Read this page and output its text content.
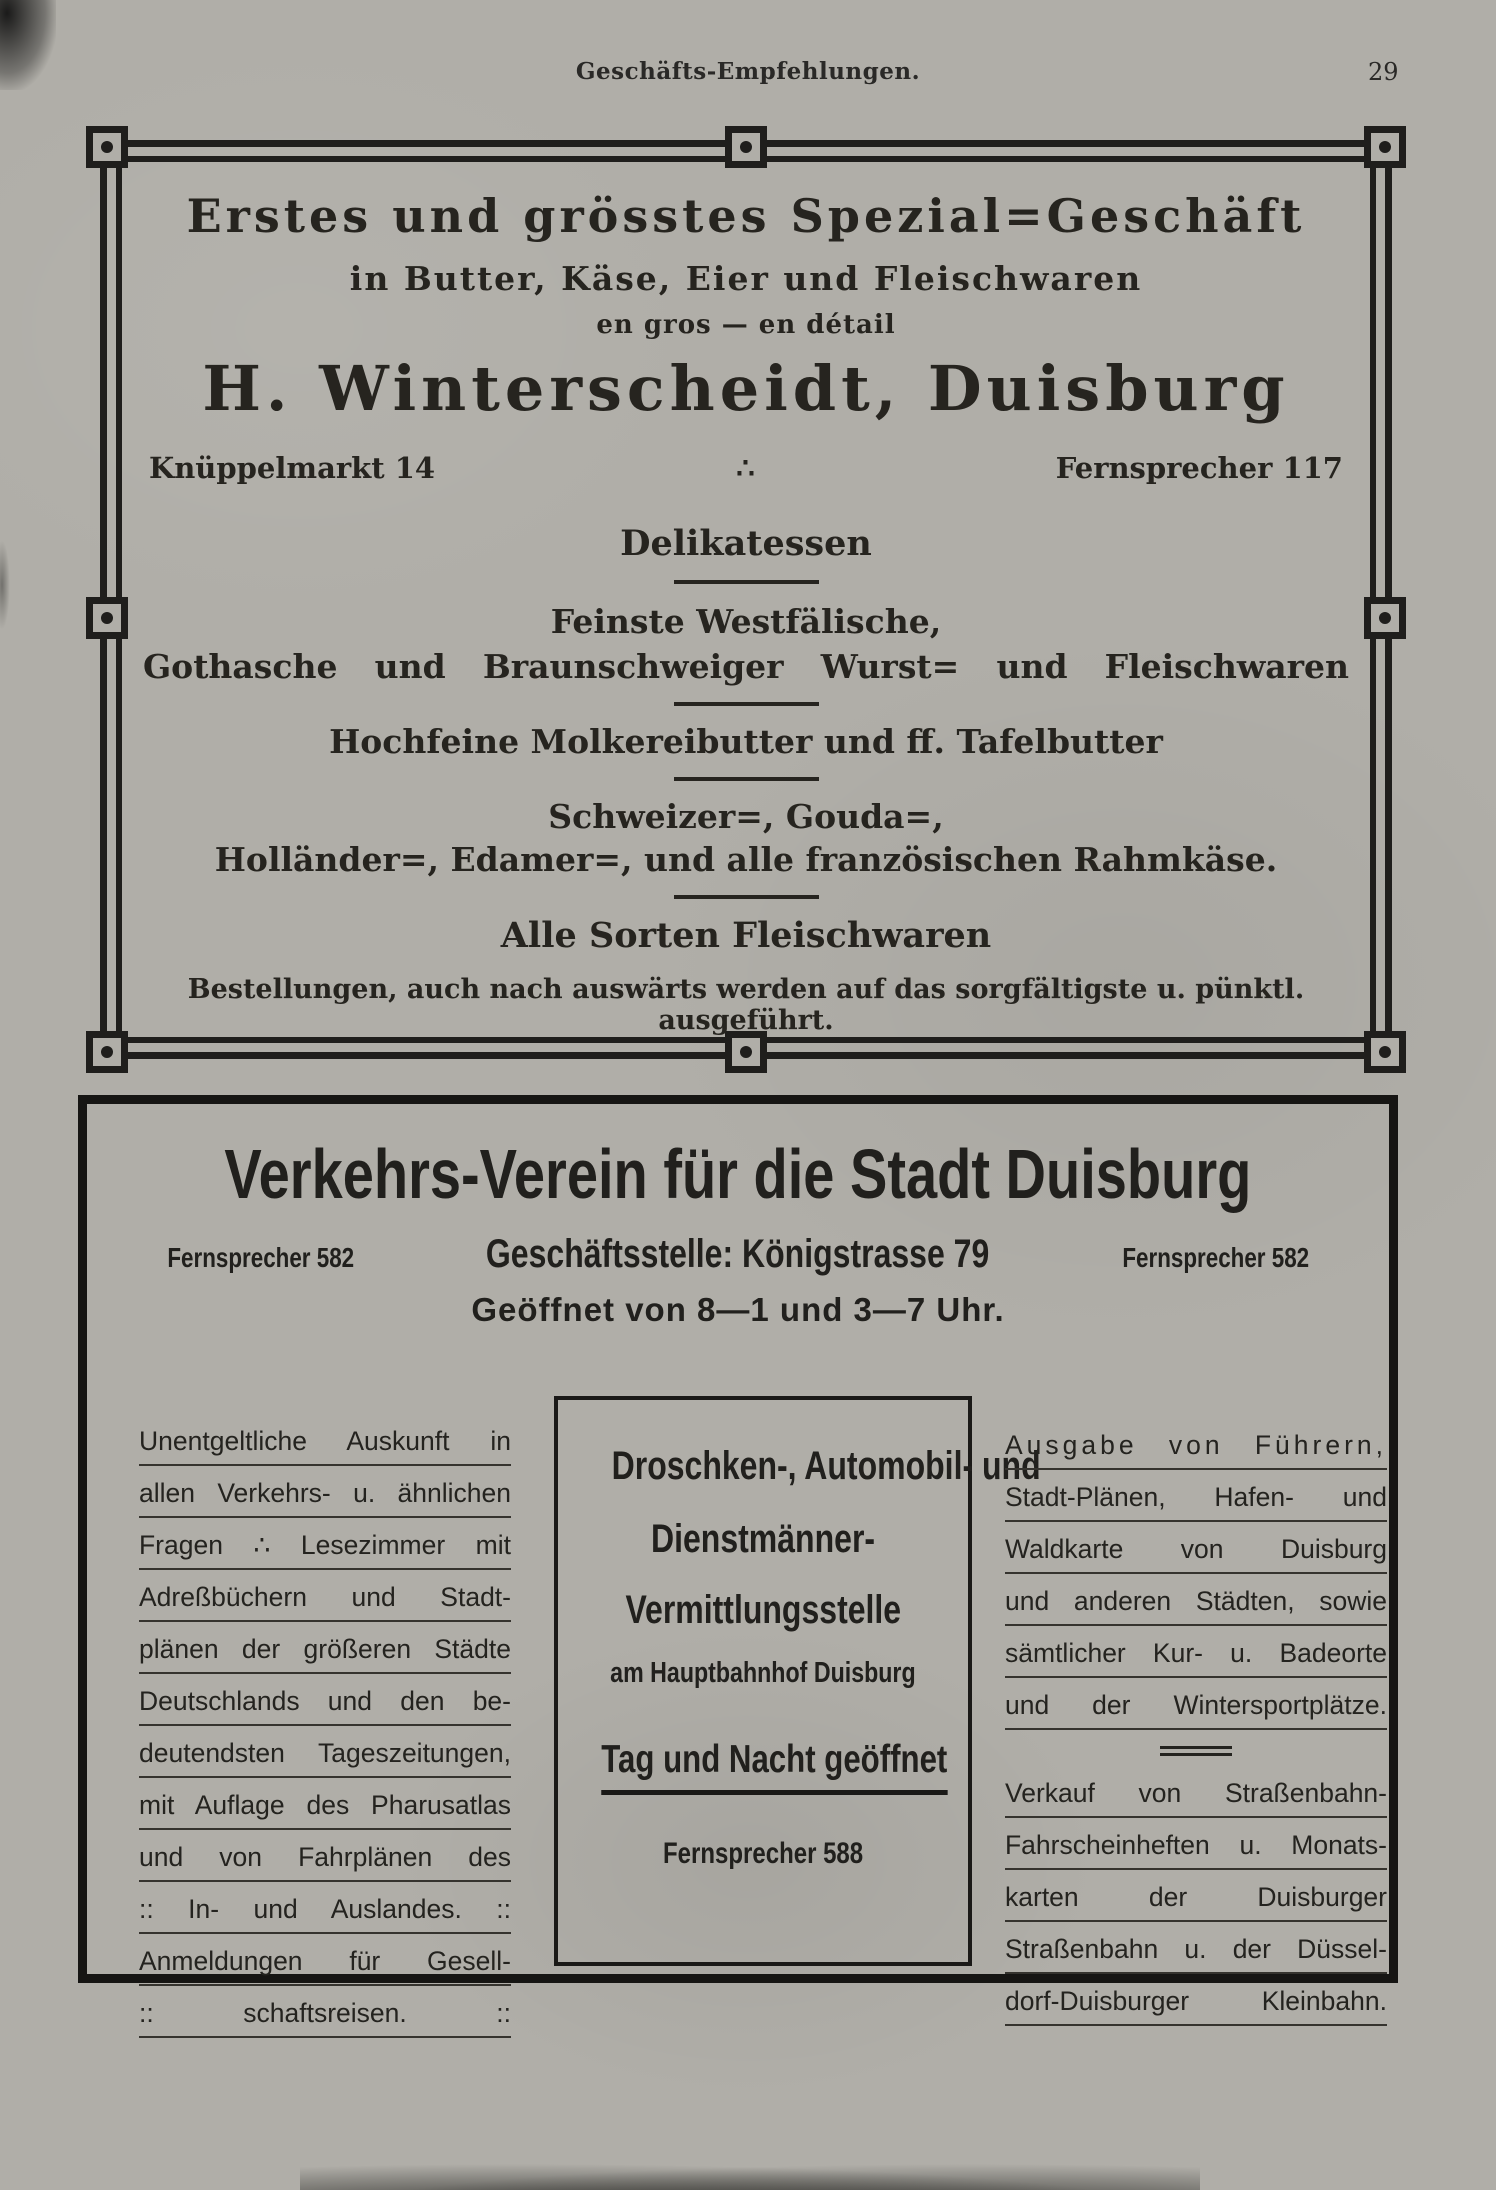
Geschäfts-Empfehlungen.	29
Erstes und grösstes Spezial=Geschäft
in Butter, Käse, Eier und Fleischwaren
en gros — en détail
H. Winterscheidt, Duisburg
Knüppelmarkt 14	∴	Fernsprecher 117
Delikatessen
Feinste Westfälische,
Gothasche und Braunschweiger Wurst= und Fleischwaren
Hochfeine Molkereibutter und ff. Tafelbutter
Schweizer=, Gouda=,
Holländer=, Edamer=, und alle französischen Rahmkäse.
Alle Sorten Fleischwaren
Bestellungen, auch nach auswärts werden auf das sorgfältigste u. pünktl. ausgeführt.
Verkehrs-Verein für die Stadt Duisburg
Fernsprecher 582	Geschäftsstelle: Königstrasse 79	Fernsprecher 582
Geöffnet von 8—1 und 3—7 Uhr.
Unentgeltliche Auskunft in
allen Verkehrs- u. ähnlichen
Fragen ∴ Lesezimmer mit
Adreßbüchern und Stadt-
plänen der größeren Städte
Deutschlands und den be-
deutendsten Tageszeitungen,
mit Auflage des Pharusatlas
und von Fahrplänen des
:: In- und Auslandes. ::
Anmeldungen für Gesell-
:: schaftsreisen. ::
Droschken-, Automobil- und
Dienstmänner-
Vermittlungsstelle
am Hauptbahnhof Duisburg
Tag und Nacht geöffnet
Fernsprecher 588
Ausgabe von Führern,
Stadt-Plänen, Hafen- und
Waldkarte von Duisburg
und anderen Städten, sowie
sämtlicher Kur- u. Badeorte
und der Wintersportplätze.
Verkauf von Straßenbahn-
Fahrscheinheften u. Monats-
karten der Duisburger
Straßenbahn u. der Düssel-
dorf-Duisburger Kleinbahn.
